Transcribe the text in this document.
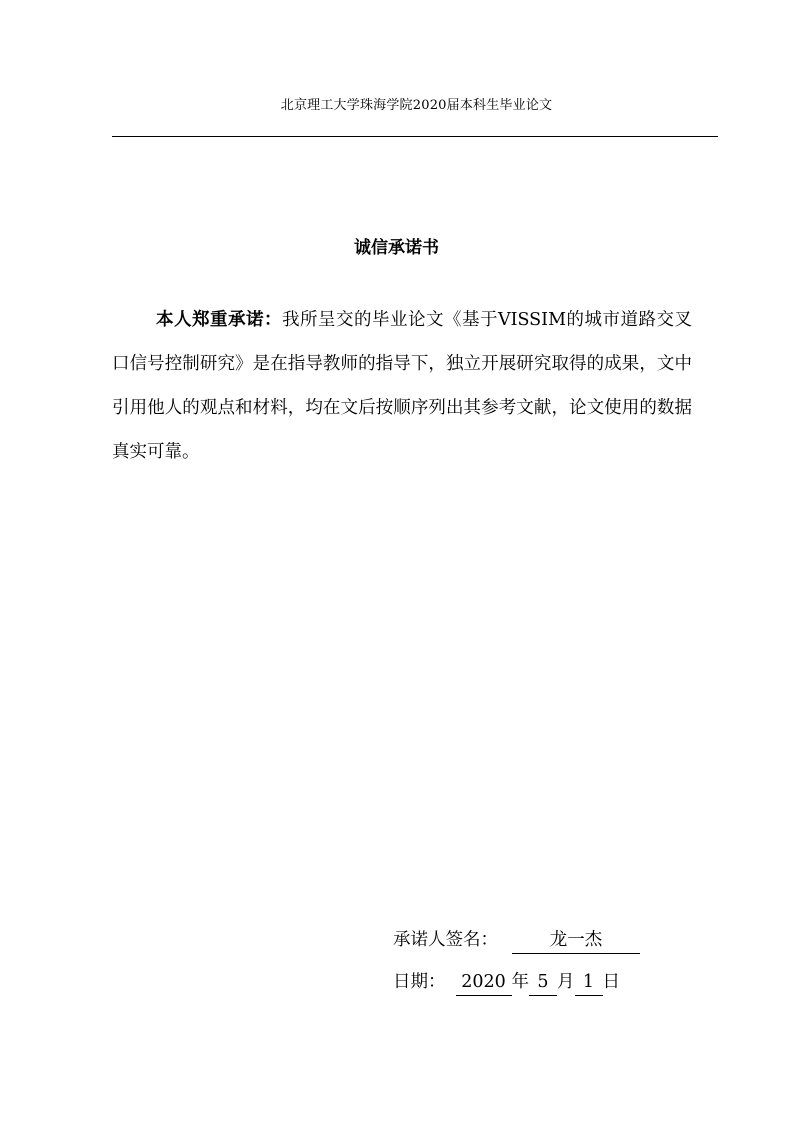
北京理工大学珠海学院2020届本科生毕业论文
诚信承诺书

本人郑重承诺：我所呈交的毕业论文《基于VISSIM的城市道路交叉口信号控制研究》是在指导教师的指导下，独立开展研究取得的成果，文中引用他人的观点和材料，均在文后按顺序列出其参考文献，论文使用的数据真实可靠。

承诺人签名：	龙一杰
日期： 2020 年 5 月 1 日
